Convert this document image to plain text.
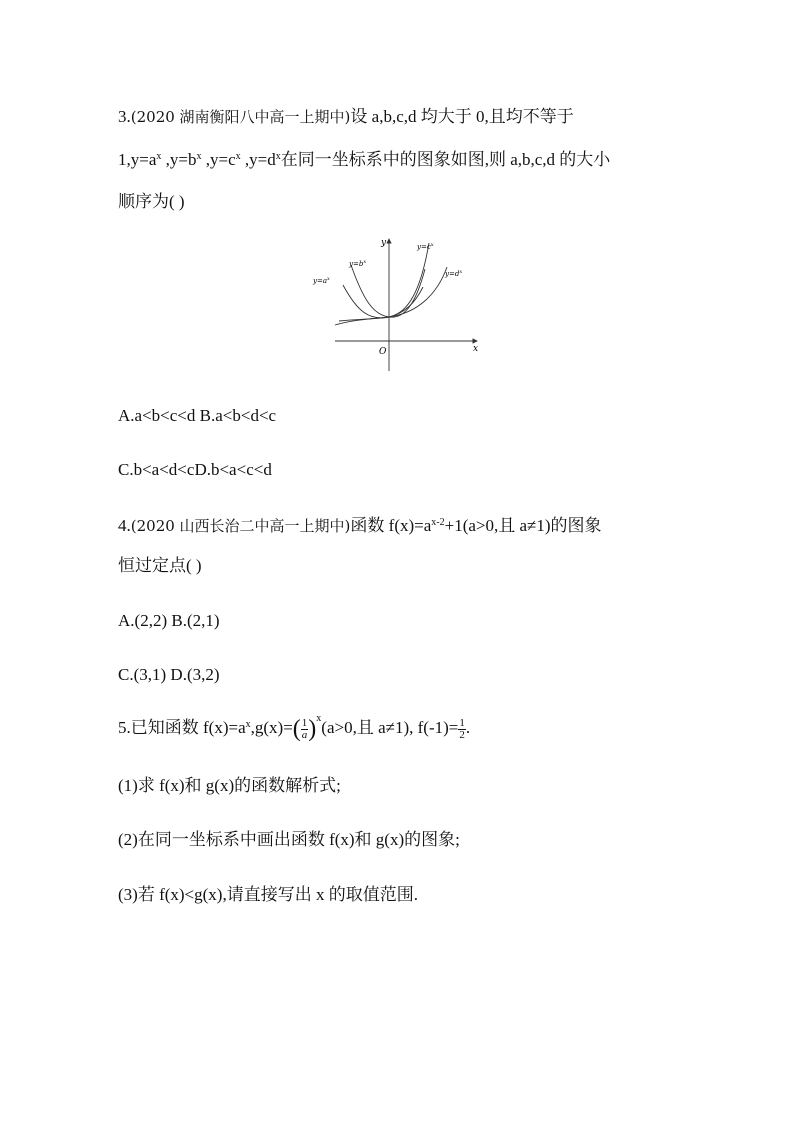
3.(2020 湖南衡阳八中高一上期中)设 a,b,c,d 均大于 0,且均不等于
$1,y=a^x$ $,y=b^x$ $,y=c^x$ $,y=d^x$在同一坐标系中的图象如图,则 a,b,c,d 的大小
顺序为( )
x
y
O
$y=a^x$
$y=b^x$
$y=c^x$
$y=d^x$
A.a<b<c<d B.a<b<d<c
C.b<a<d<cD.b<a<c<d
4.(2020 山西长治二中高一上期中)函数 $f(x)=a^{x-2}+1(a>0$,且 a≠1)的图象
恒过定点( )
A.(2,2) B.(2,1)
C.(3,1) D.(3,2)
5.已知函数 $f(x)=a^x,g(x)=( \frac{1}{a} )^x(a>0$,且 a≠1), $f(-1)= \frac{1}{2}$ .
(1)求 f(x)和 g(x)的函数解析式;
(2)在同一坐标系中画出函数 f(x)和 g(x)的图象;
(3)若 f(x)<g(x),请直接写出 x 的取值范围.
